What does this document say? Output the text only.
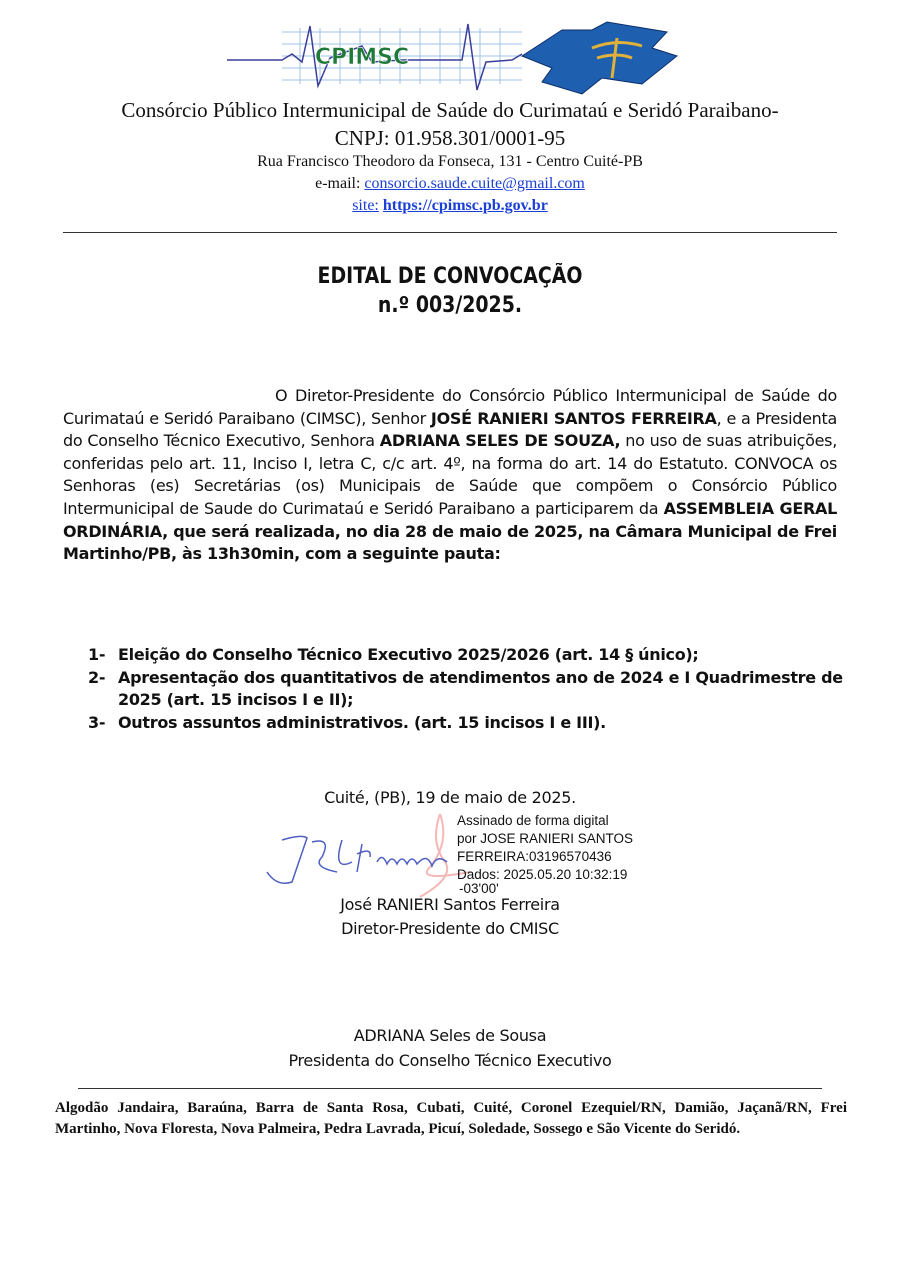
CPIMSC
Consórcio Público Intermunicipal de Saúde do Curimataú e Seridó Paraibano-
CNPJ: 01.958.301/0001-95
Rua Francisco Theodoro da Fonseca, 131 - Centro Cuité-PB
e-mail: consorcio.saude.cuite@gmail.com
site: https://cpimsc.pb.gov.br
EDITAL DE CONVOCAÇÃO
n.º 003/2025.
O Diretor-Presidente do Consórcio Público Intermunicipal de Saúde do Curimataú e Seridó Paraibano (CIMSC), Senhor JOSÉ RANIERI SANTOS FERREIRA, e a Presidenta do Conselho Técnico Executivo, Senhora ADRIANA SELES DE SOUZA, no uso de suas atribuições, conferidas pelo art. 11, Inciso I, letra C, c/c art. 4º, na forma do art. 14 do Estatuto. CONVOCA os Senhoras (es) Secretárias (os) Municipais de Saúde que compõem o Consórcio Público Intermunicipal de Saude do Curimataú e Seridó Paraibano a participarem da ASSEMBLEIA GERAL ORDINÁRIA, que será realizada, no dia 28 de maio de 2025, na Câmara Municipal de Frei Martinho/PB, às 13h30min, com a seguinte pauta:
1- Eleição do Conselho Técnico Executivo 2025/2026 (art. 14 § único);
2- Apresentação dos quantitativos de atendimentos ano de 2024 e I Quadrimestre de 2025 (art. 15 incisos I e II);
3- Outros assuntos administrativos. (art. 15 incisos I e III).
Cuité, (PB), 19 de maio de 2025.
Assinado de forma digital
por JOSE RANIERI SANTOS
FERREIRA:03196570436
Dados: 2025.05.20 10:32:19
-03'00'
José RANIERI Santos Ferreira
Diretor-Presidente do CMISC
ADRIANA Seles de Sousa
Presidenta do Conselho Técnico Executivo
Algodão Jandaira, Baraúna, Barra de Santa Rosa, Cubati, Cuité, Coronel Ezequiel/RN, Damião, Jaçanã/RN, Frei Martinho, Nova Floresta, Nova Palmeira, Pedra Lavrada, Picuí, Soledade, Sossego e São Vicente do Seridó.
